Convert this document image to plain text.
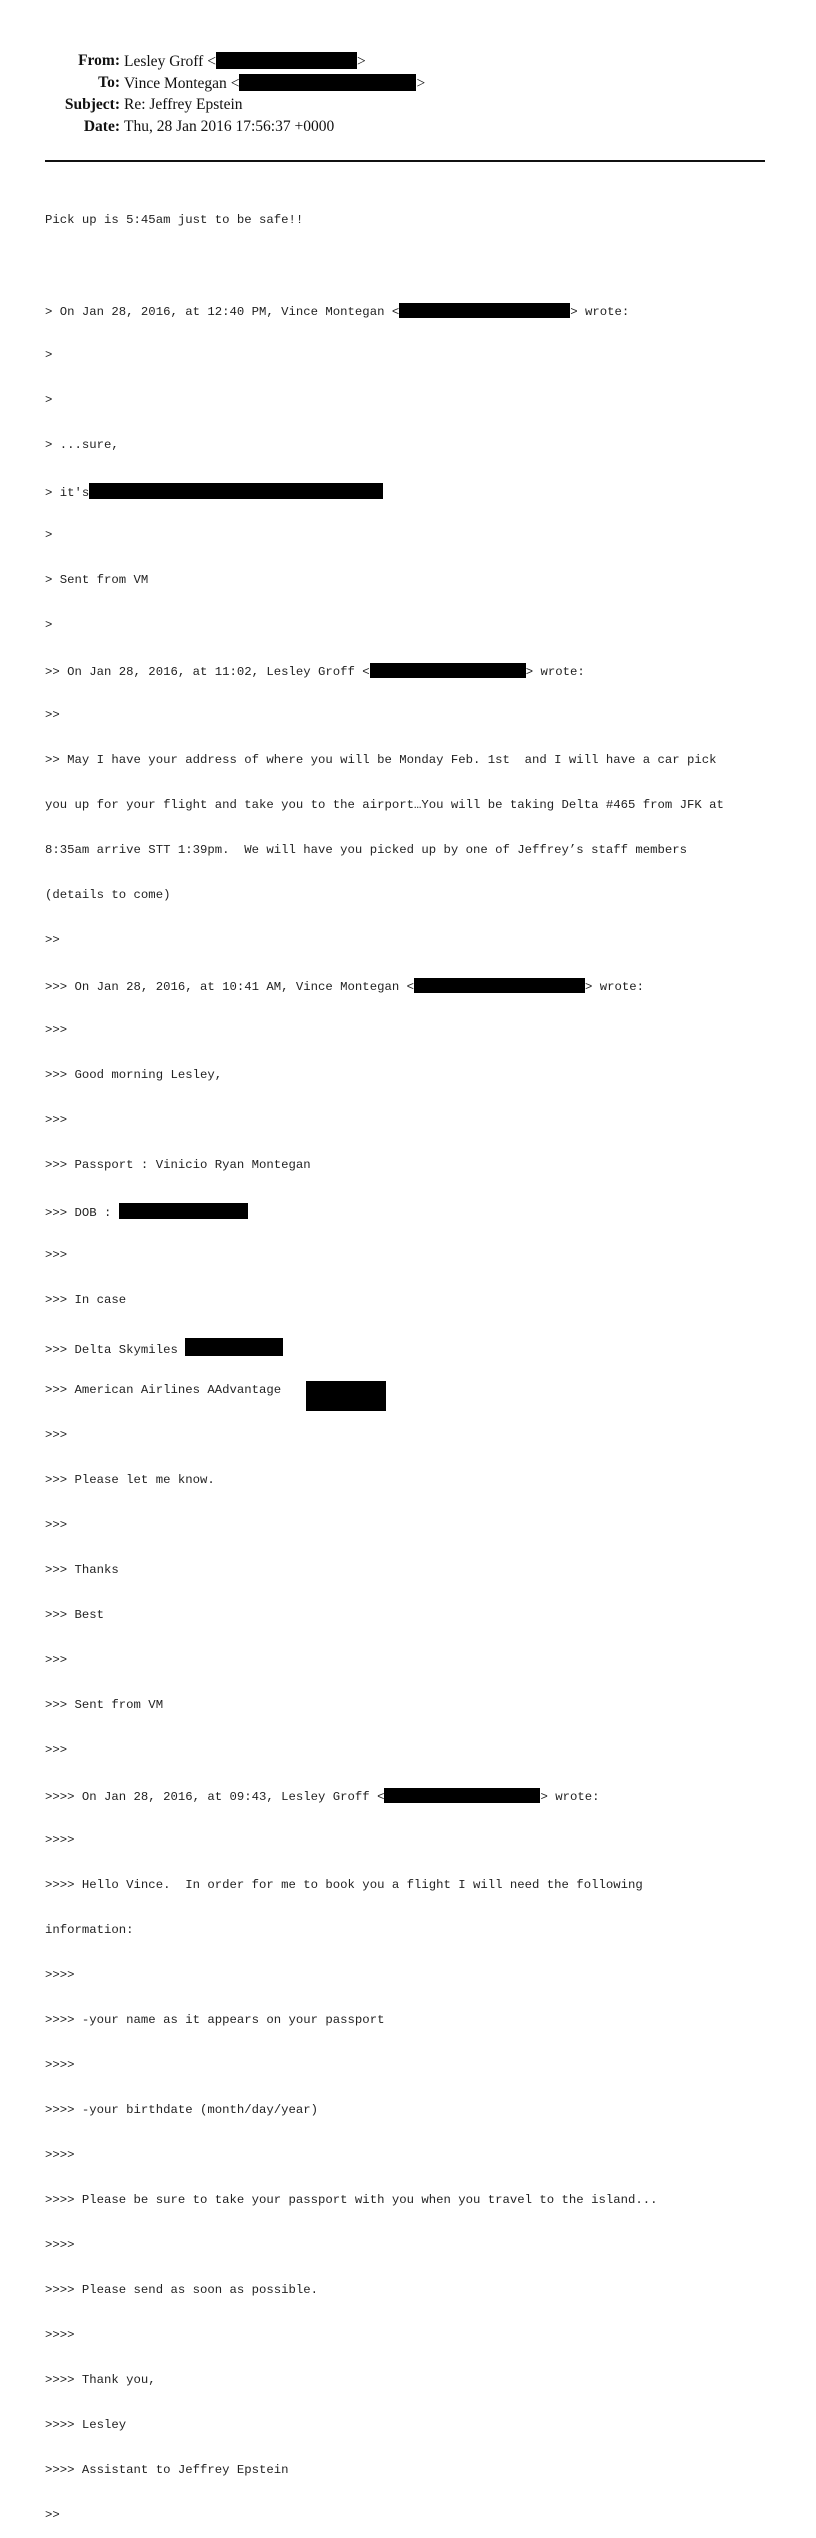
From: Lesley Groff <	>
To: Vince Montegan <	>
Subject: Re: Jeffrey Epstein
Date: Thu, 28 Jan 2016 17:56:37 +0000

Pick up is 5:45am just to be safe!!

> On Jan 28, 2016, at 12:40 PM, Vince Montegan <	> wrote:

>

>

> ...sure,

> it's

>

> Sent from VM

>

>> On Jan 28, 2016, at 11:02, Lesley Groff <	> wrote:

>>

>> May I have your address of where you will be Monday Feb. 1st  and I will have a car pick

you up for your flight and take you to the airport…You will be taking Delta #465 from JFK at

8:35am arrive STT 1:39pm.  We will have you picked up by one of Jeffrey’s staff members

(details to come)

>>

>>> On Jan 28, 2016, at 10:41 AM, Vince Montegan <	> wrote:

>>>

>>> Good morning Lesley,

>>>

>>> Passport : Vinicio Ryan Montegan

>>> DOB :

>>>

>>> In case

>>> Delta Skymiles

>>> American Airlines AAdvantage

>>>

>>> Please let me know.

>>>

>>> Thanks

>>> Best

>>>

>>> Sent from VM

>>>

>>>> On Jan 28, 2016, at 09:43, Lesley Groff <	> wrote:

>>>>

>>>> Hello Vince.  In order for me to book you a flight I will need the following

information:

>>>>

>>>> -your name as it appears on your passport

>>>>

>>>> -your birthdate (month/day/year)

>>>>

>>>> Please be sure to take your passport with you when you travel to the island...

>>>>

>>>> Please send as soon as possible.

>>>>

>>>> Thank you,

>>>> Lesley

>>>> Assistant to Jeffrey Epstein

>>
